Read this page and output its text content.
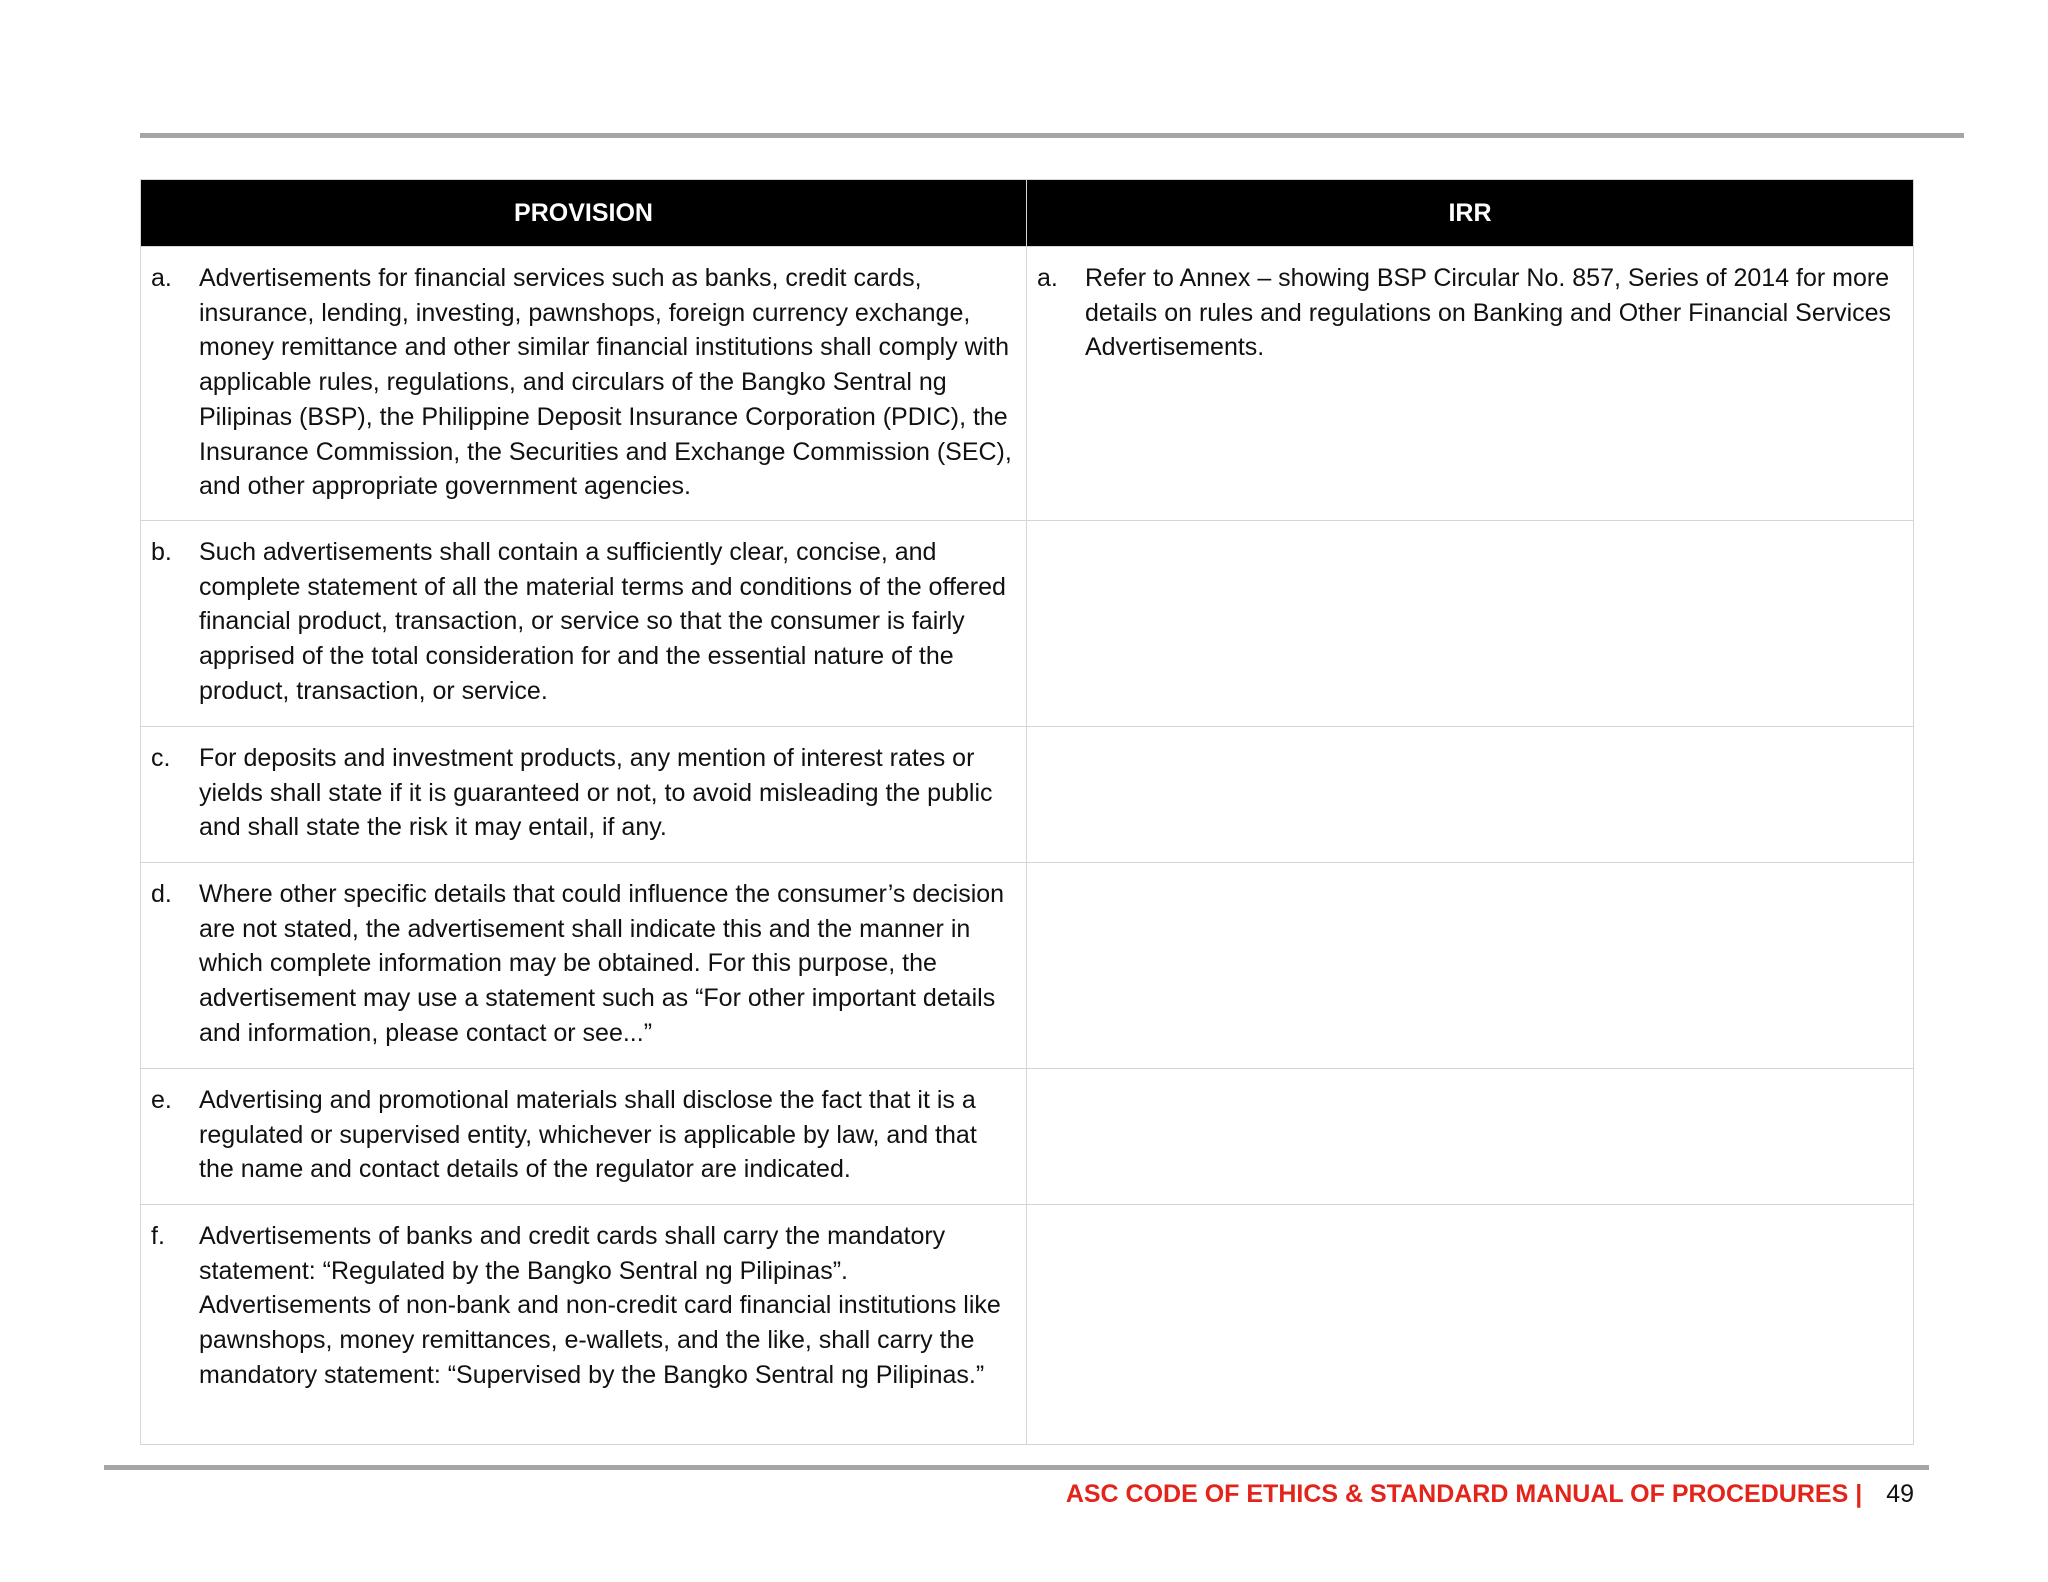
PROVISION	IRR

a. Advertisements for financial services such as banks, credit cards, insurance, lending, investing, pawnshops, foreign currency exchange, money remittance and other similar financial institutions shall comply with applicable rules, regulations, and circulars of the Bangko Sentral ng Pilipinas (BSP), the Philippine Deposit Insurance Corporation (PDIC), the Insurance Commission, the Securities and Exchange Commission (SEC), and other appropriate government agencies.	a. Refer to Annex – showing BSP Circular No. 857, Series of 2014 for more details on rules and regulations on Banking and Other Financial Services Advertisements.

b. Such advertisements shall contain a sufficiently clear, concise, and complete statement of all the material terms and conditions of the offered financial product, transaction, or service so that the consumer is fairly apprised of the total consideration for and the essential nature of the product, transaction, or service.	

c. For deposits and investment products, any mention of interest rates or yields shall state if it is guaranteed or not, to avoid misleading the public and shall state the risk it may entail, if any.	

d. Where other specific details that could influence the consumer’s decision are not stated, the advertisement shall indicate this and the manner in which complete information may be obtained. For this purpose, the advertisement may use a statement such as “For other important details and information, please contact or see...”	

e. Advertising and promotional materials shall disclose the fact that it is a regulated or supervised entity, whichever is applicable by law, and that the name and contact details of the regulator are indicated.	

f. Advertisements of banks and credit cards shall carry the mandatory statement: “Regulated by the Bangko Sentral ng Pilipinas”. Advertisements of non-bank and non-credit card financial institutions like pawnshops, money remittances, e-wallets, and the like, shall carry the mandatory statement: “Supervised by the Bangko Sentral ng Pilipinas.”	

ASC CODE OF ETHICS & STANDARD MANUAL OF PROCEDURES | 49
